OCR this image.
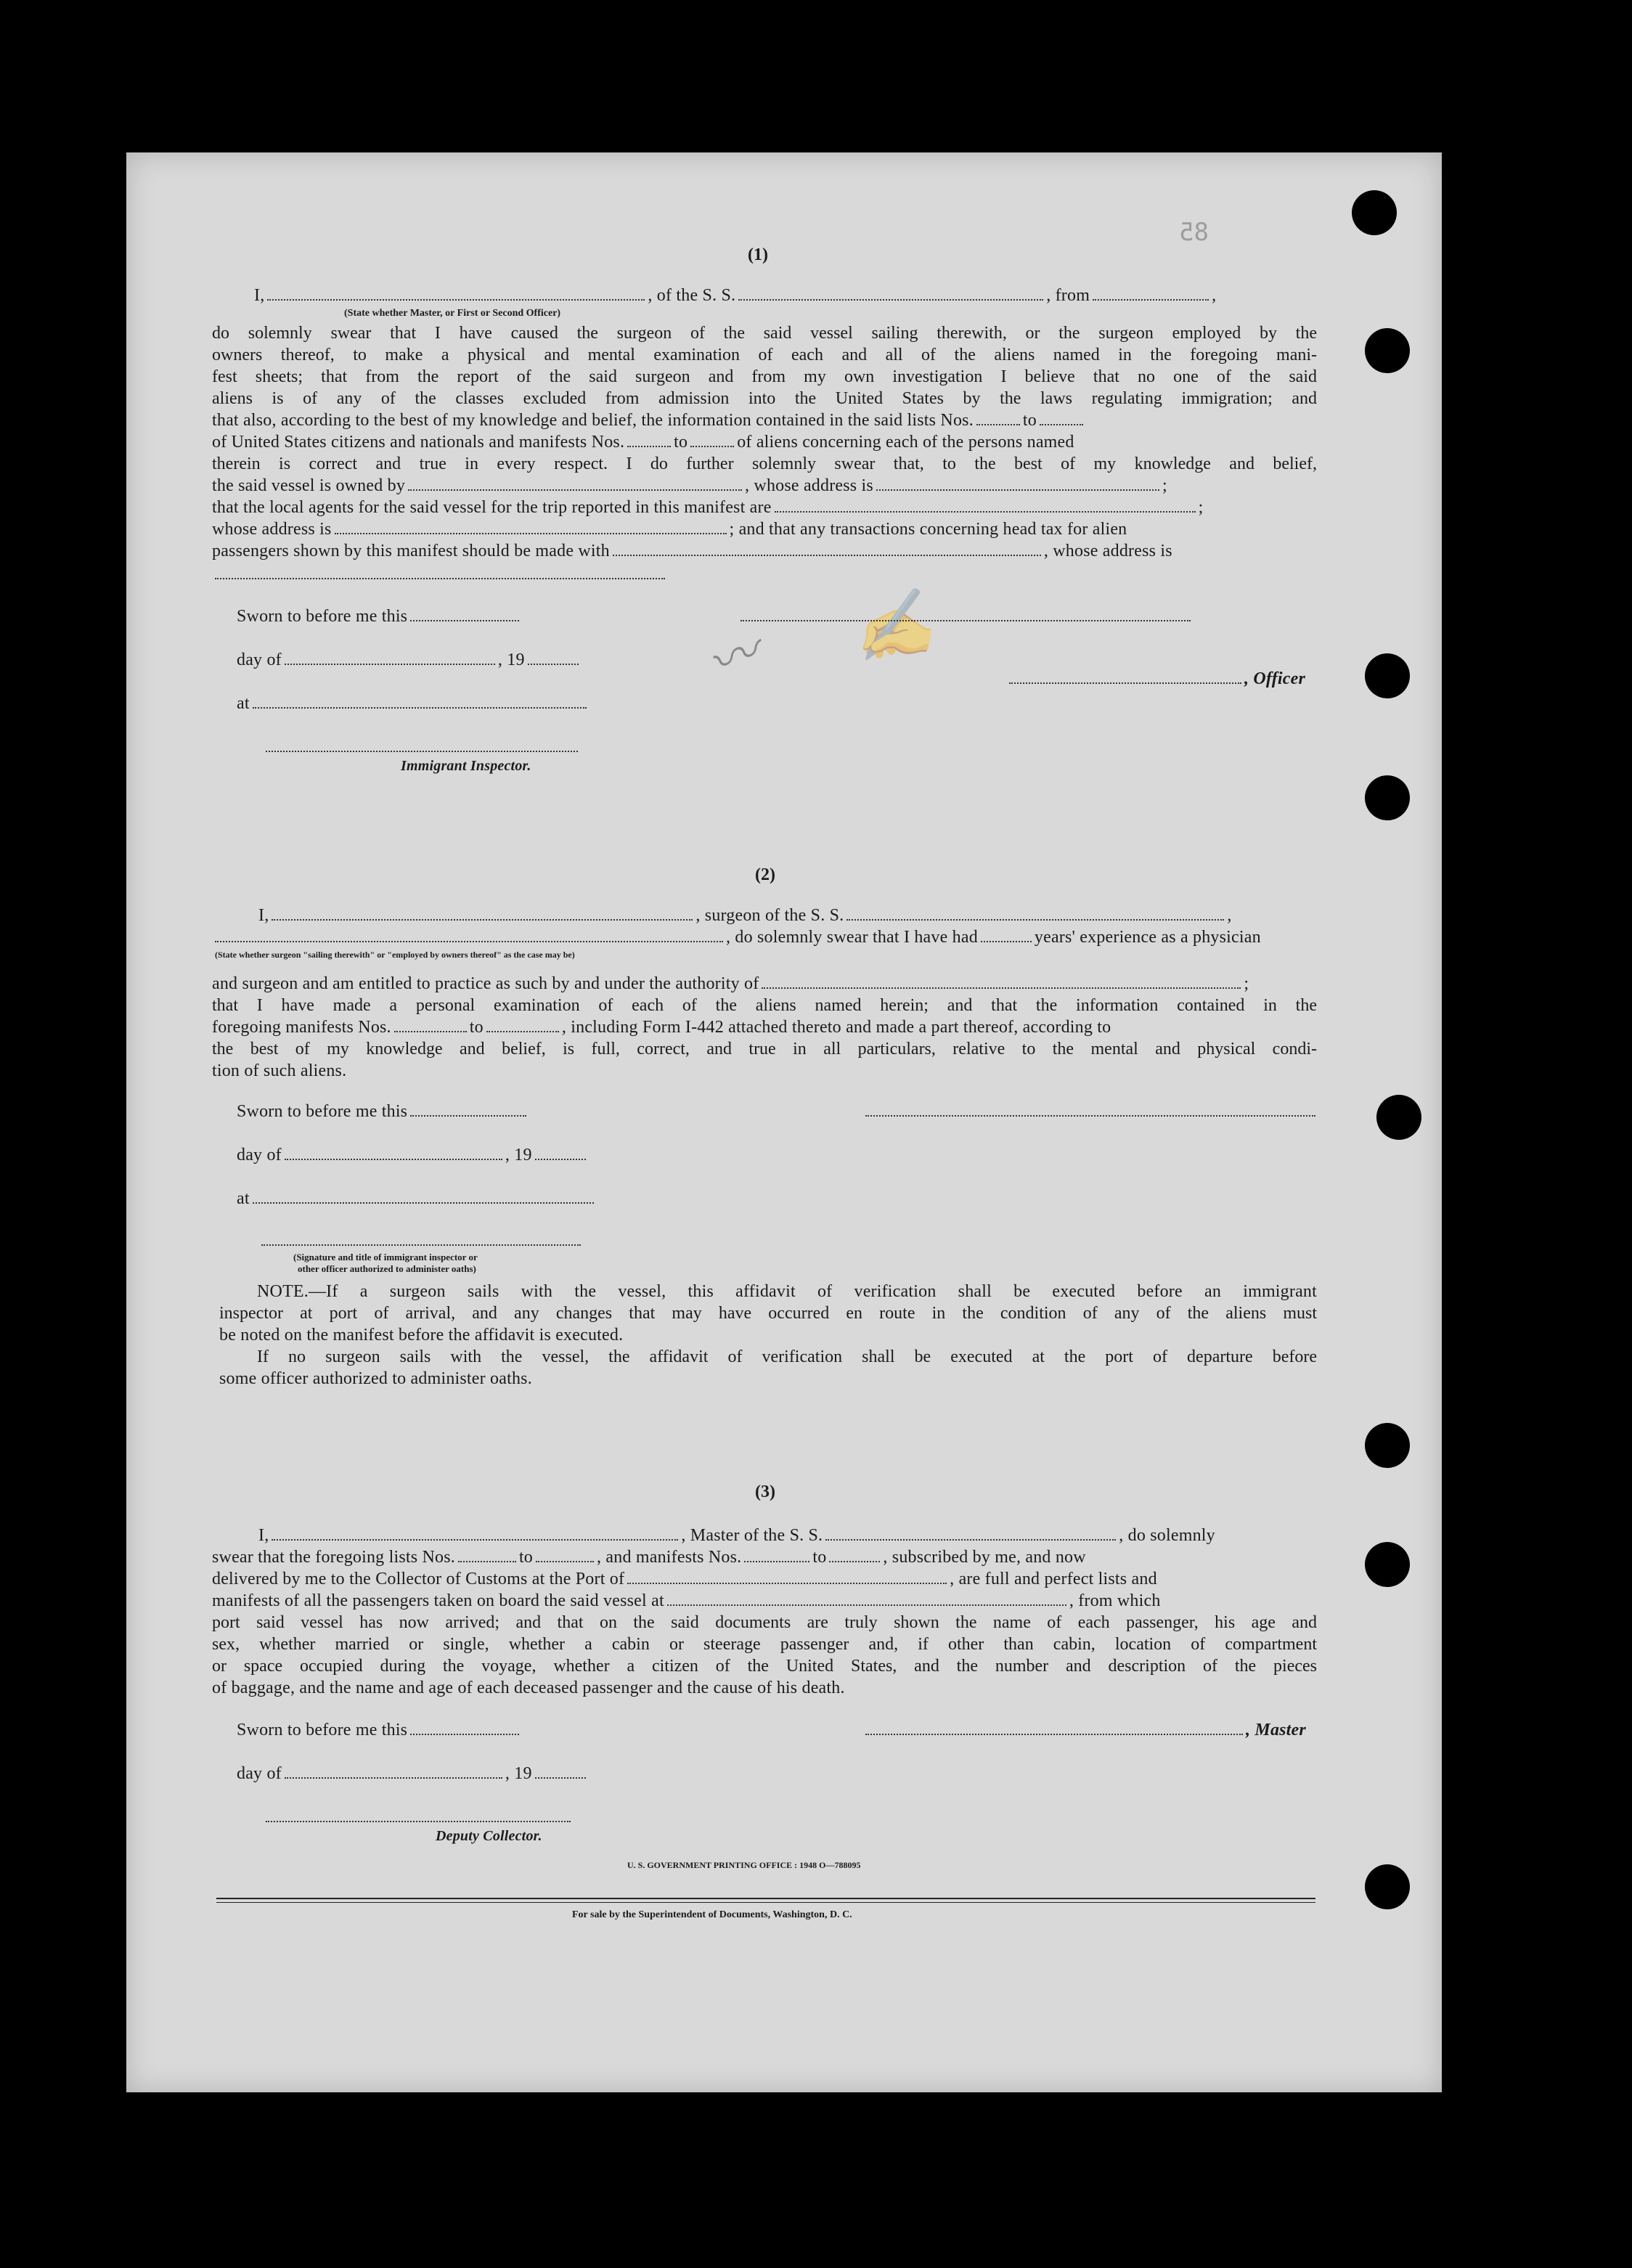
85
✍
〰
(1)
I,	, of the S. S.	, from	,
(State whether Master, or First or Second Officer)
do solemnly swear that I have caused the surgeon of the said vessel sailing therewith, or the surgeon employed by the
owners thereof, to make a physical and mental examination of each and all of the aliens named in the foregoing mani-
fest sheets; that from the report of the said surgeon and from my own investigation I believe that no one of the said
aliens is of any of the classes excluded from admission into the United States by the laws regulating immigration; and
that also, according to the best of my knowledge and belief, the information contained in the said lists Nos.	to
of United States citizens and nationals and manifests Nos.	to	of aliens concerning each of the persons named
therein is correct and true in every respect. I do further solemnly swear that, to the best of my knowledge and belief,
the said vessel is owned by	, whose address is	;
that the local agents for the said vessel for the trip reported in this manifest are	;
whose address is	; and that any transactions concerning head tax for alien
passengers shown by this manifest should be made with	, whose address is
Sworn to before me this
day of	, 19
, Officer
at
Immigrant Inspector.
(2)
I,	, surgeon of the S. S.	,
, do solemnly swear that I have had	years' experience as a physician
(State whether surgeon "sailing therewith" or "employed by owners thereof" as the case may be)
and surgeon and am entitled to practice as such by and under the authority of	;
that I have made a personal examination of each of the aliens named herein; and that the information contained in the
foregoing manifests Nos.	to	, including Form I-442 attached thereto and made a part thereof, according to
the best of my knowledge and belief, is full, correct, and true in all particulars, relative to the mental and physical condi-
tion of such aliens.
Sworn to before me this
day of	, 19
at
(Signature and title of immigrant inspector or
other officer authorized to administer oaths)
NOTE.—If a surgeon sails with the vessel, this affidavit of verification shall be executed before an immigrant
inspector at port of arrival, and any changes that may have occurred en route in the condition of any of the aliens must
be noted on the manifest before the affidavit is executed.
If no surgeon sails with the vessel, the affidavit of verification shall be executed at the port of departure before
some officer authorized to administer oaths.
(3)
I,	, Master of the S. S.	, do solemnly
swear that the foregoing lists Nos.	to	, and manifests Nos.	to	, subscribed by me, and now
delivered by me to the Collector of Customs at the Port of	, are full and perfect lists and
manifests of all the passengers taken on board the said vessel at	, from which
port said vessel has now arrived; and that on the said documents are truly shown the name of each passenger, his age and
sex, whether married or single, whether a cabin or steerage passenger and, if other than cabin, location of compartment
or space occupied during the voyage, whether a citizen of the United States, and the number and description of the pieces
of baggage, and the name and age of each deceased passenger and the cause of his death.
Sworn to before me this	, Master
day of	, 19
Deputy Collector.
U. S. GOVERNMENT PRINTING OFFICE : 1948 O—788095
For sale by the Superintendent of Documents, Washington, D. C.
